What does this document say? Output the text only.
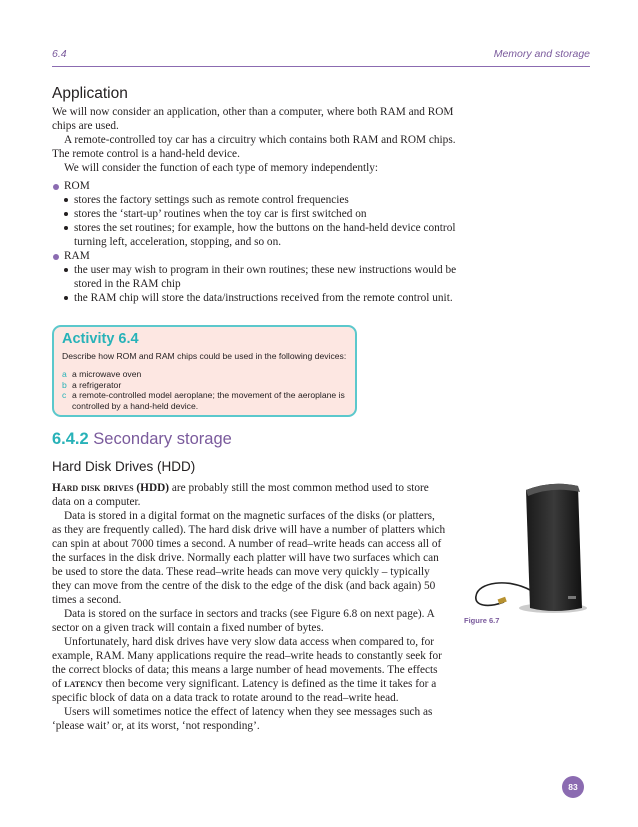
6.4	Memory and storage
Application

We will now consider an application, other than a computer, where both RAM and ROM chips are used.

A remote-controlled toy car has a circuitry which contains both RAM and ROM chips. The remote control is a hand-held device.

We will consider the function of each type of memory independently:

ROM
stores the factory settings such as remote control frequencies
stores the ‘start-up’ routines when the toy car is first switched on
stores the set routines; for example, how the buttons on the hand-held device control turning left, acceleration, stopping, and so on.
RAM
the user may wish to program in their own routines; these new instructions would be stored in the RAM chip
the RAM chip will store the data/instructions received from the remote control unit.
Activity 6.4
Describe how ROM and RAM chips could be used in the following devices:
a a microwave oven
b a refrigerator
c a remote-controlled model aeroplane; the movement of the aeroplane is controlled by a hand-held device.
6.4.2 Secondary storage
Hard Disk Drives (HDD)

Hard disk drives (HDD) are probably still the most common method used to store data on a computer.

Data is stored in a digital format on the magnetic surfaces of the disks (or platters, as they are frequently called). The hard disk drive will have a number of platters which can spin at about 7000 times a second. A number of read–write heads can access all of the surfaces in the disk drive. Normally each platter will have two surfaces which can be used to store the data. These read–write heads can move very quickly – typically they can move from the centre of the disk to the edge of the disk (and back again) 50 times a second.

Data is stored on the surface in sectors and tracks (see Figure 6.8 on next page). A sector on a given track will contain a fixed number of bytes.

Unfortunately, hard disk drives have very slow data access when compared to, for example, RAM. Many applications require the read–write heads to constantly seek for the correct blocks of data; this means a large number of head movements. The effects of latency then become very significant. Latency is defined as the time it takes for a specific block of data on a data track to rotate around to the read–write head.

Users will sometimes notice the effect of latency when they see messages such as ‘please wait’ or, at its worst, ‘not responding’.

Figure 6.7
83
